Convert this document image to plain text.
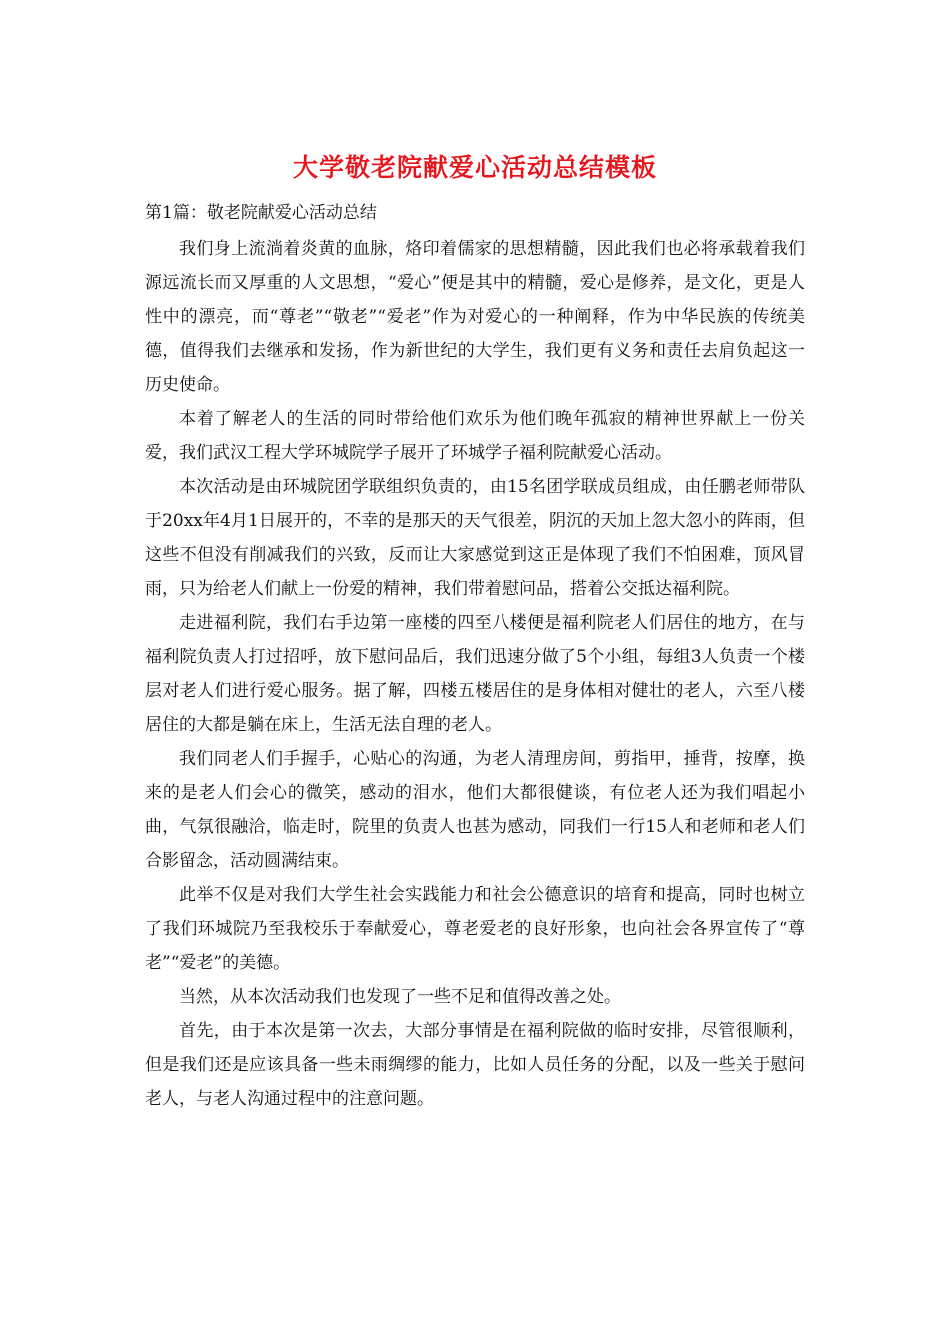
大学敬老院献爱心活动总结模板
第1篇：敬老院献爱心活动总结

我们身上流淌着炎黄的血脉，烙印着儒家的思想精髓，因此我们也必将承载着我们源远流长而又厚重的人文思想，“爱心”便是其中的精髓，爱心是修养，是文化，更是人性中的漂亮，而“尊老”“敬老”“爱老”作为对爱心的一种阐释，作为中华民族的传统美德，值得我们去继承和发扬，作为新世纪的大学生，我们更有义务和责任去肩负起这一历史使命。

本着了解老人的生活的同时带给他们欢乐为他们晚年孤寂的精神世界献上一份关爱，我们武汉工程大学环城院学子展开了环城学子福利院献爱心活动。

本次活动是由环城院团学联组织负责的，由15名团学联成员组成，由任鹏老师带队于20xx年4月1日展开的，不幸的是那天的天气很差，阴沉的天加上忽大忽小的阵雨，但这些不但没有削减我们的兴致，反而让大家感觉到这正是体现了我们不怕困难，顶风冒雨，只为给老人们献上一份爱的精神，我们带着慰问品，搭着公交抵达福利院。

走进福利院，我们右手边第一座楼的四至八楼便是福利院老人们居住的地方，在与福利院负责人打过招呼，放下慰问品后，我们迅速分做了5个小组，每组3人负责一个楼层对老人们进行爱心服务。据了解，四楼五楼居住的是身体相对健壮的老人，六至八楼居住的大都是躺在床上，生活无法自理的老人。

我们同老人们手握手，心贴心的沟通，为老人清理房间，剪指甲，捶背，按摩，换来的是老人们会心的微笑，感动的泪水，他们大都很健谈，有位老人还为我们唱起小曲，气氛很融洽，临走时，院里的负责人也甚为感动，同我们一行15人和老师和老人们合影留念，活动圆满结束。

此举不仅是对我们大学生社会实践能力和社会公德意识的培育和提高，同时也树立了我们环城院乃至我校乐于奉献爱心，尊老爱老的良好形象，也向社会各界宣传了“尊老”“爱老”的美德。

当然，从本次活动我们也发现了一些不足和值得改善之处。

首先，由于本次是第一次去，大部分事情是在福利院做的临时安排，尽管很顺利，但是我们还是应该具备一些未雨绸缪的能力，比如人员任务的分配，以及一些关于慰问老人，与老人沟通过程中的注意问题。
